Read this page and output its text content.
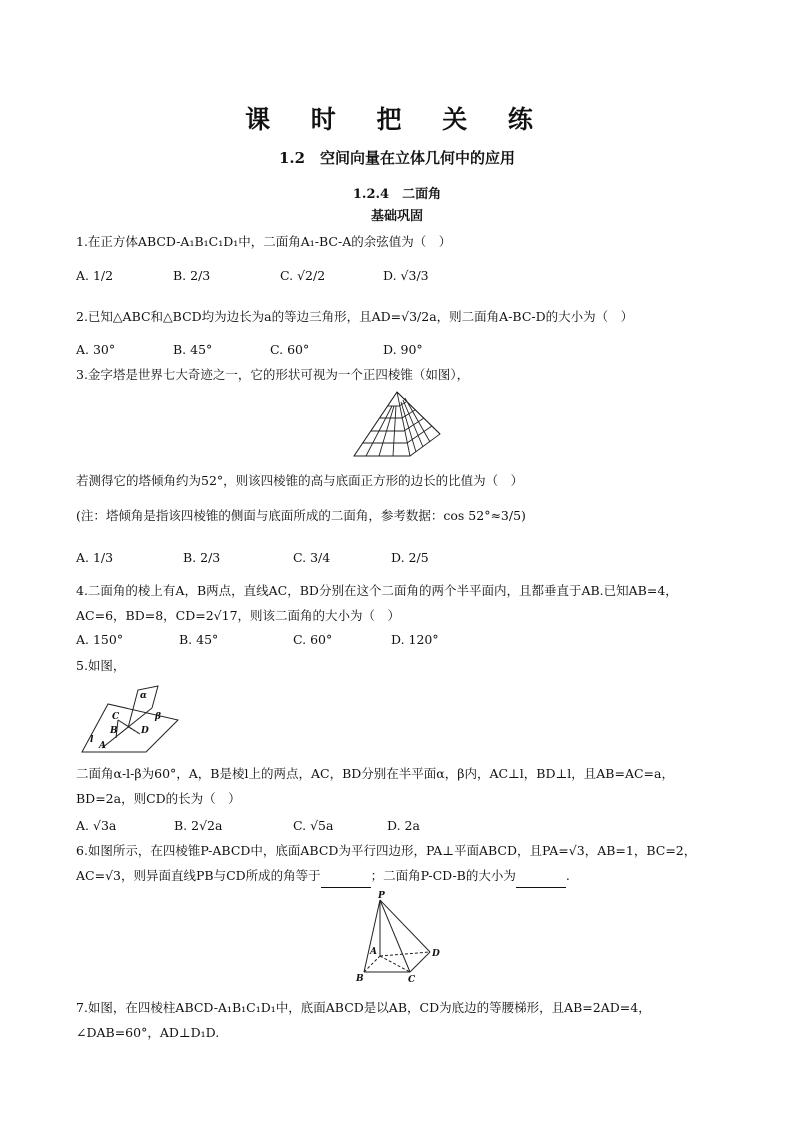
课 时 把 关 练
1.2　空间向量在立体几何中的应用
1.2.4　二面角
基础巩固
1.在正方体ABCD-A₁B₁C₁D₁中，二面角A₁-BC-A的余弦值为（　）
A. 1/2	B. 2/3	C. √2/2	D. √3/3
2.已知△ABC和△BCD均为边长为a的等边三角形，且AD=√3/2a，则二面角A-BC-D的大小为（　）
A. 30°	B. 45°	C. 60°	D. 90°
3.金字塔是世界七大奇迹之一，它的形状可视为一个正四棱锥（如图），
若测得它的塔倾角约为52°，则该四棱锥的高与底面正方形的边长的比值为（　）
(注：塔倾角是指该四棱锥的侧面与底面所成的二面角，参考数据：cos 52°≈3/5)
A. 1/3	B. 2/3	C. 3/4	D. 2/5
4.二面角的棱上有A，B两点，直线AC，BD分别在这个二面角的两个半平面内，且都垂直于AB.已知AB=4，AC=6，BD=8，CD=2√17，则该二面角的大小为（　）
A. 150°	B. 45°	C. 60°	D. 120°
5.如图，
α
β
C
B	D
A
l
二面角α-l-β为60°，A，B是棱l上的两点，AC，BD分别在半平面α，β内，AC⊥l，BD⊥l，且AB=AC=a，BD=2a，则CD的长为（　）
A. √3a	B. 2√2a	C. √5a	D. 2a
6.如图所示，在四棱锥P-ABCD中，底面ABCD为平行四边形，PA⊥平面ABCD，且PA=√3，AB=1，BC=2，AC=√3，则异面直线PB与CD所成的角等于	；二面角P-CD-B的大小为	.
P
A	D
B	C
7.如图，在四棱柱ABCD-A₁B₁C₁D₁中，底面ABCD是以AB，CD为底边的等腰梯形，且AB=2AD=4，∠DAB=60°，AD⊥D₁D.
